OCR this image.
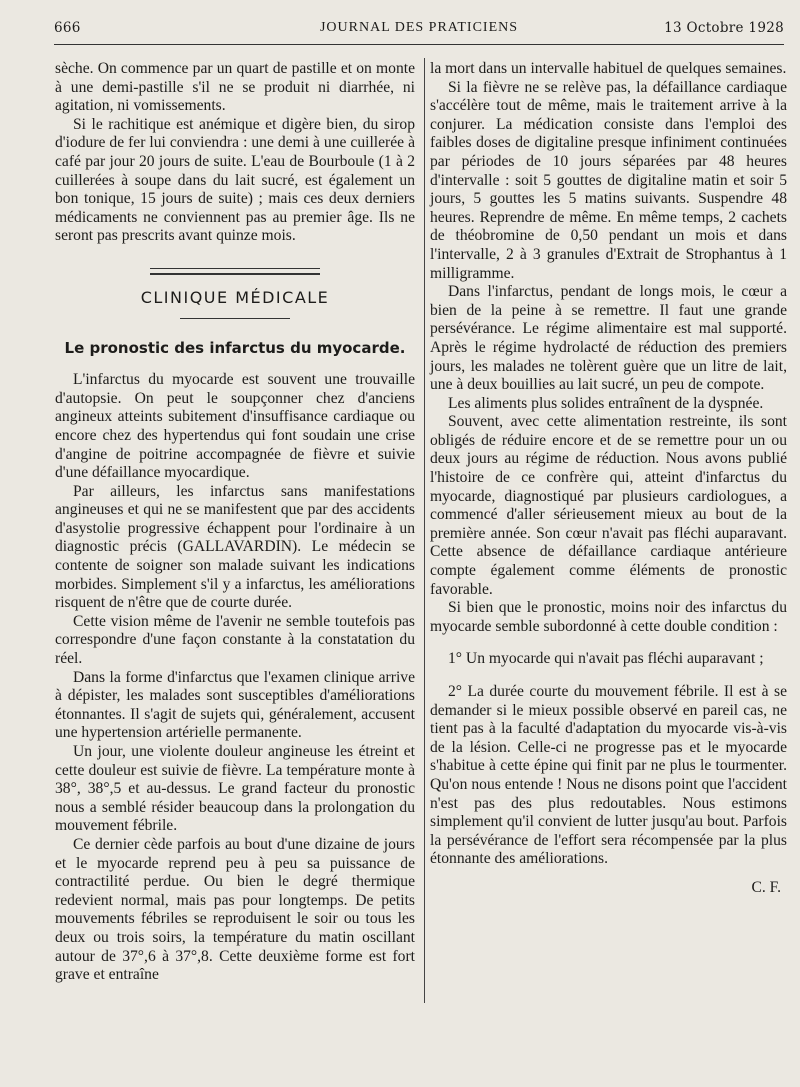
666	JOURNAL DES PRATICIENS	13 Octobre 1928

sèche. On commence par un quart de pastille et on monte à une demi-pastille s'il ne se produit ni diarrhée, ni agitation, ni vomissements.

Si le rachitique est anémique et digère bien, du sirop d'iodure de fer lui conviendra : une demi à une cuillerée à café par jour 20 jours de suite. L'eau de Bourboule (1 à 2 cuillerées à soupe dans du lait sucré, est également un bon tonique, 15 jours de suite) ; mais ces deux derniers médicaments ne conviennent pas au premier âge. Ils ne seront pas prescrits avant quinze mois.

CLINIQUE MÉDICALE
Le pronostic des infarctus du myocarde.

L'infarctus du myocarde est souvent une trouvaille d'autopsie. On peut le soupçonner chez d'anciens angineux atteints subitement d'insuffisance cardiaque ou encore chez des hypertendus qui font soudain une crise d'angine de poitrine accompagnée de fièvre et suivie d'une défaillance myocardique.

Par ailleurs, les infarctus sans manifestations angineuses et qui ne se manifestent que par des accidents d'asystolie progressive échappent pour l'ordinaire à un diagnostic précis (GALLAVARDIN). Le médecin se contente de soigner son malade suivant les indications morbides. Simplement s'il y a infarctus, les améliorations risquent de n'être que de courte durée.

Cette vision même de l'avenir ne semble toutefois pas correspondre d'une façon constante à la constatation du réel.

Dans la forme d'infarctus que l'examen clinique arrive à dépister, les malades sont susceptibles d'améliorations étonnantes. Il s'agit de sujets qui, généralement, accusent une hypertension artérielle permanente.

Un jour, une violente douleur angineuse les étreint et cette douleur est suivie de fièvre. La température monte à 38°, 38°,5 et au-dessus. Le grand facteur du pronostic nous a semblé résider beaucoup dans la prolongation du mouvement fébrile.

Ce dernier cède parfois au bout d'une dizaine de jours et le myocarde reprend peu à peu sa puissance de contractilité perdue. Ou bien le degré thermique redevient normal, mais pas pour longtemps. De petits mouvements fébriles se reproduisent le soir ou tous les deux ou trois soirs, la température du matin oscillant autour de 37°,6 à 37°,8. Cette deuxième forme est fort grave et entraîne

la mort dans un intervalle habituel de quelques semaines.

Si la fièvre ne se relève pas, la défaillance cardiaque s'accélère tout de même, mais le traitement arrive à la conjurer. La médication consiste dans l'emploi des faibles doses de digitaline presque infiniment continuées par périodes de 10 jours séparées par 48 heures d'intervalle : soit 5 gouttes de digitaline matin et soir 5 jours, 5 gouttes les 5 matins suivants. Suspendre 48 heures. Reprendre de même. En même temps, 2 cachets de théobromine de 0,50 pendant un mois et dans l'intervalle, 2 à 3 granules d'Extrait de Strophantus à 1 milligramme.

Dans l'infarctus, pendant de longs mois, le cœur a bien de la peine à se remettre. Il faut une grande persévérance. Le régime alimentaire est mal supporté. Après le régime hydrolacté de réduction des premiers jours, les malades ne tolèrent guère que un litre de lait, une à deux bouillies au lait sucré, un peu de compote.

Les aliments plus solides entraînent de la dyspnée.

Souvent, avec cette alimentation restreinte, ils sont obligés de réduire encore et de se remettre pour un ou deux jours au régime de réduction. Nous avons publié l'histoire de ce confrère qui, atteint d'infarctus du myocarde, diagnostiqué par plusieurs cardiologues, a commencé d'aller sérieusement mieux au bout de la première année. Son cœur n'avait pas fléchi auparavant. Cette absence de défaillance cardiaque antérieure compte également comme éléments de pronostic favorable.

Si bien que le pronostic, moins noir des infarctus du myocarde semble subordonné à cette double condition :

1° Un myocarde qui n'avait pas fléchi auparavant ;

2° La durée courte du mouvement fébrile. Il est à se demander si le mieux possible observé en pareil cas, ne tient pas à la faculté d'adaptation du myocarde vis-à-vis de la lésion. Celle-ci ne progresse pas et le myocarde s'habitue à cette épine qui finit par ne plus le tourmenter. Qu'on nous entende ! Nous ne disons point que l'accident n'est pas des plus redoutables. Nous estimons simplement qu'il convient de lutter jusqu'au bout. Parfois la persévérance de l'effort sera récompensée par la plus étonnante des améliorations.

C. F.
